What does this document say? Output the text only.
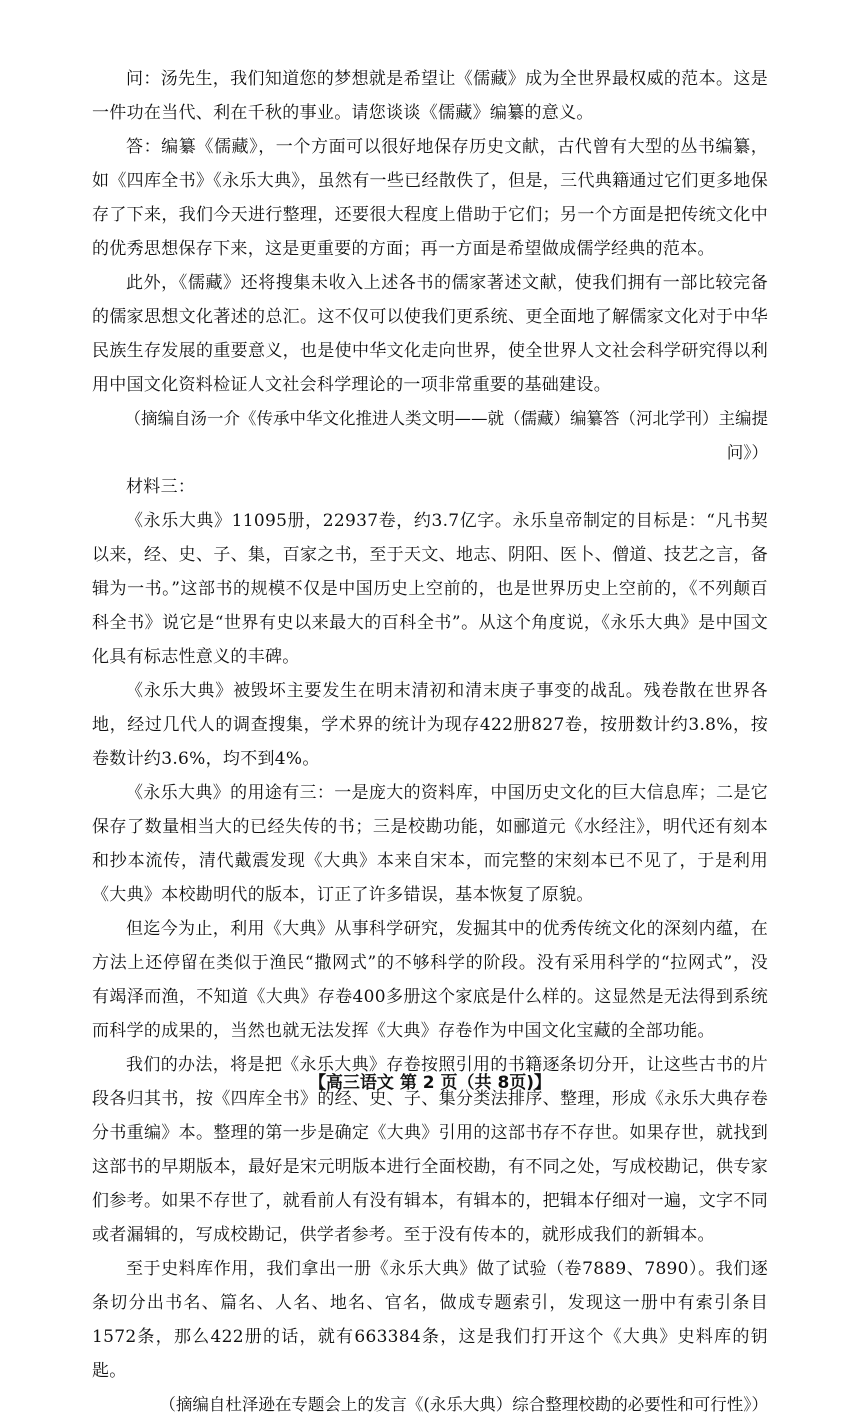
问：汤先生，我们知道您的梦想就是希望让《儒藏》成为全世界最权威的范本。这是一件功在当代、利在千秋的事业。请您谈谈《儒藏》编纂的意义。

答：编纂《儒藏》，一个方面可以很好地保存历史文献，古代曾有大型的丛书编纂，如《四库全书》《永乐大典》，虽然有一些已经散佚了，但是，三代典籍通过它们更多地保存了下来，我们今天进行整理，还要很大程度上借助于它们；另一个方面是把传统文化中的优秀思想保存下来，这是更重要的方面；再一方面是希望做成儒学经典的范本。

此外，《儒藏》还将搜集未收入上述各书的儒家著述文献，使我们拥有一部比较完备的儒家思想文化著述的总汇。这不仅可以使我们更系统、更全面地了解儒家文化对于中华民族生存发展的重要意义，也是使中华文化走向世界，使全世界人文社会科学研究得以利用中国文化资料检证人文社会科学理论的一项非常重要的基础建设。

（摘编自汤一介《传承中华文化推进人类文明——就（儒藏）编纂答（河北学刊）主编提问》）

材料三：

《永乐大典》11095册，22937卷，约3.7亿字。永乐皇帝制定的目标是：“凡书契以来，经、史、子、集，百家之书，至于天文、地志、阴阳、医卜、僧道、技艺之言，备辑为一书。”这部书的规模不仅是中国历史上空前的，也是世界历史上空前的，《不列颠百科全书》说它是“世界有史以来最大的百科全书”。从这个角度说，《永乐大典》是中国文化具有标志性意义的丰碑。

《永乐大典》被毁坏主要发生在明末清初和清末庚子事变的战乱。残卷散在世界各地，经过几代人的调查搜集，学术界的统计为现存422册827卷，按册数计约3.8%，按卷数计约3.6%，均不到4%。

《永乐大典》的用途有三：一是庞大的资料库，中国历史文化的巨大信息库；二是它保存了数量相当大的已经失传的书；三是校勘功能，如郦道元《水经注》，明代还有刻本和抄本流传，清代戴震发现《大典》本来自宋本，而完整的宋刻本已不见了，于是利用《大典》本校勘明代的版本，订正了许多错误，基本恢复了原貌。

但迄今为止，利用《大典》从事科学研究，发掘其中的优秀传统文化的深刻内蕴，在方法上还停留在类似于渔民“撒网式”的不够科学的阶段。没有采用科学的“拉网式”，没有竭泽而渔，不知道《大典》存卷400多册这个家底是什么样的。这显然是无法得到系统而科学的成果的，当然也就无法发挥《大典》存卷作为中国文化宝藏的全部功能。

我们的办法，将是把《永乐大典》存卷按照引用的书籍逐条切分开，让这些古书的片段各归其书，按《四库全书》的经、史、子、集分类法排序、整理，形成《永乐大典存卷分书重编》本。整理的第一步是确定《大典》引用的这部书存不存世。如果存世，就找到这部书的早期版本，最好是宋元明版本进行全面校勘，有不同之处，写成校勘记，供专家们参考。如果不存世了，就看前人有没有辑本，有辑本的，把辑本仔细对一遍，文字不同或者漏辑的，写成校勘记，供学者参考。至于没有传本的，就形成我们的新辑本。

至于史料库作用，我们拿出一册《永乐大典》做了试验（卷7889、7890）。我们逐条切分出书名、篇名、人名、地名、官名，做成专题索引，发现这一册中有索引条目1572条，那么422册的话，就有663384条，这是我们打开这个《大典》史料库的钥匙。

（摘编自杜泽逊在专题会上的发言《(永乐大典）综合整理校勘的必要性和可行性》）

【高三语文 第 2 页（共 8页)】
